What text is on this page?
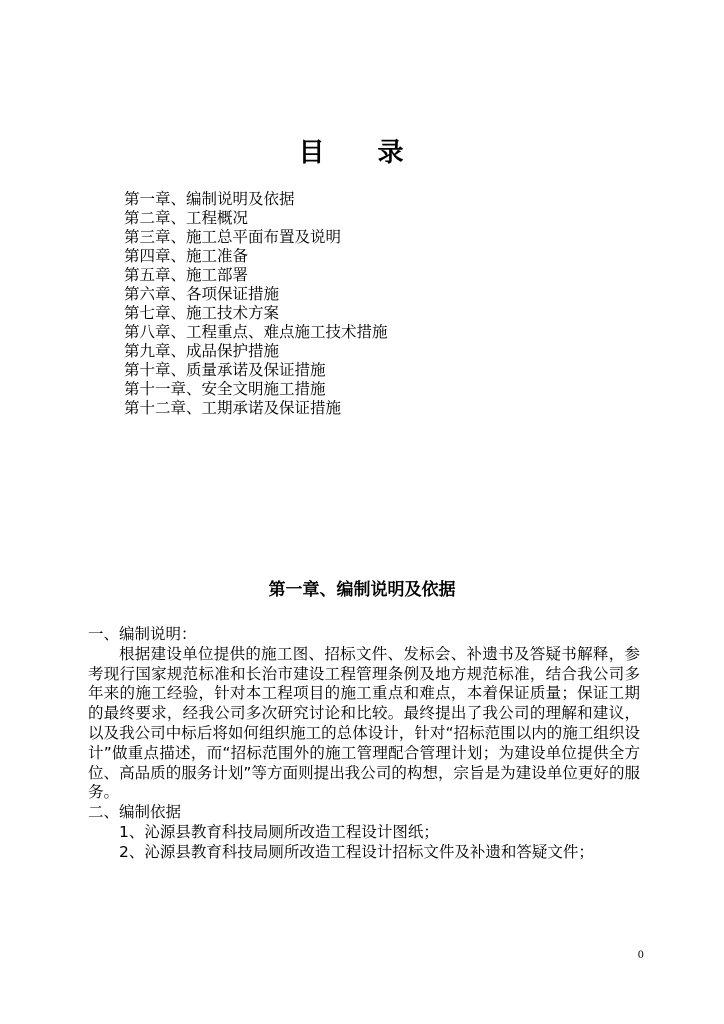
目 录
第一章、编制说明及依据
第二章、工程概况
第三章、施工总平面布置及说明
第四章、施工准备
第五章、施工部署
第六章、各项保证措施
第七章、施工技术方案
第八章、工程重点、难点施工技术措施
第九章、成品保护措施
第十章、质量承诺及保证措施
第十一章、安全文明施工措施
第十二章、工期承诺及保证措施
第一章、编制说明及依据

一、编制说明：

根据建设单位提供的施工图、招标文件、发标会、补遗书及答疑书解释，参考现行国家规范标准和长治市建设工程管理条例及地方规范标准，结合我公司多年来的施工经验，针对本工程项目的施工重点和难点，本着保证质量；保证工期的最终要求，经我公司多次研究讨论和比较。最终提出了我公司的理解和建议，以及我公司中标后将如何组织施工的总体设计，针对“招标范围以内的施工组织设计”做重点描述，而“招标范围外的施工管理配合管理计划；为建设单位提供全方位、高品质的服务计划”等方面则提出我公司的构想，宗旨是为建设单位更好的服务。

二、编制依据

1、沁源县教育科技局厕所改造工程设计图纸；

2、沁源县教育科技局厕所改造工程设计招标文件及补遗和答疑文件；

0
